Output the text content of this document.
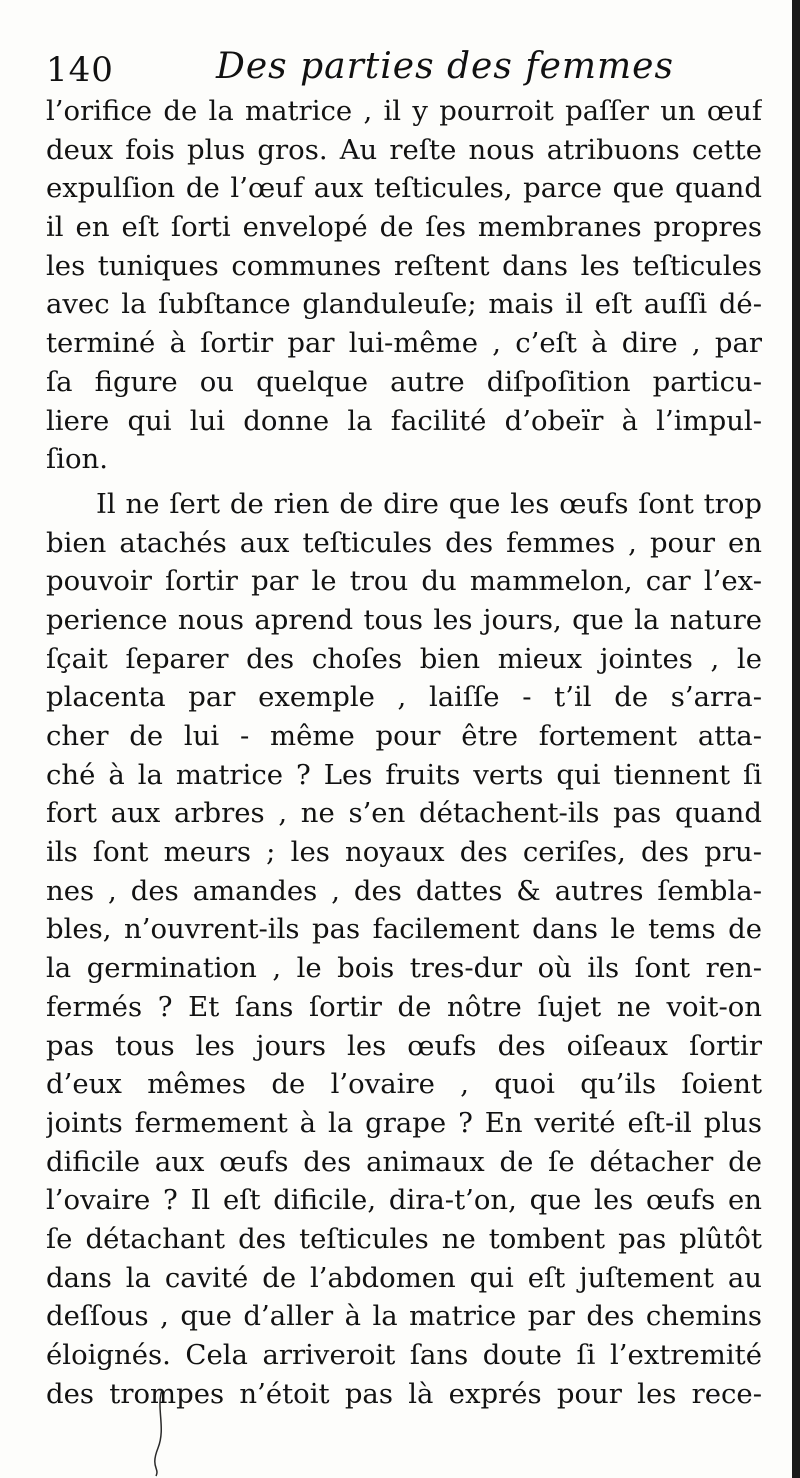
140	Des parties des femmes
l’orifice de la matrice , il y pourroit paſſer un œuf
deux fois plus gros. Au reſte nous atribuons cette
expulſion de l’œuf aux teſticules, parce que quand
il en eſt ſorti envelopé de ſes membranes propres
les tuniques communes reſtent dans les teſticules
avec la ſubſtance glanduleuſe; mais il eſt auſſi dé-
terminé à ſortir par lui-même , c’eſt à dire , par
ſa figure ou quelque autre diſpoſition particu-
liere qui lui donne la facilité d’obeïr à l’impul-
ſion.
Il ne ſert de rien de dire que les œufs ſont trop
bien atachés aux teſticules des femmes , pour en
pouvoir ſortir par le trou du mammelon, car l’ex-
perience nous aprend tous les jours, que la nature
ſçait ſeparer des choſes bien mieux jointes , le
placenta par exemple , laiſſe - t’il de s’arra-
cher de lui - même pour être fortement atta-
ché à la matrice ? Les fruits verts qui tiennent ſi
fort aux arbres , ne s’en détachent-ils pas quand
ils ſont meurs ; les noyaux des ceriſes, des pru-
nes , des amandes , des dattes & autres ſembla-
bles, n’ouvrent-ils pas facilement dans le tems de
la germination , le bois tres-dur où ils ſont ren-
fermés ? Et ſans ſortir de nôtre ſujet ne voit-on
pas tous les jours les œufs des oiſeaux ſortir
d’eux mêmes de l’ovaire , quoi qu’ils ſoient
joints fermement à la grape ? En verité eſt-il plus
dificile aux œufs des animaux de ſe détacher de
l’ovaire ? Il eſt dificile, dira-t’on, que les œufs en
ſe détachant des teſticules ne tombent pas plûtôt
dans la cavité de l’abdomen qui eſt juſtement au
deſſous , que d’aller à la matrice par des chemins
éloignés. Cela arriveroit ſans doute ſi l’extremité
des trompes n’étoit pas là exprés pour les rece-
